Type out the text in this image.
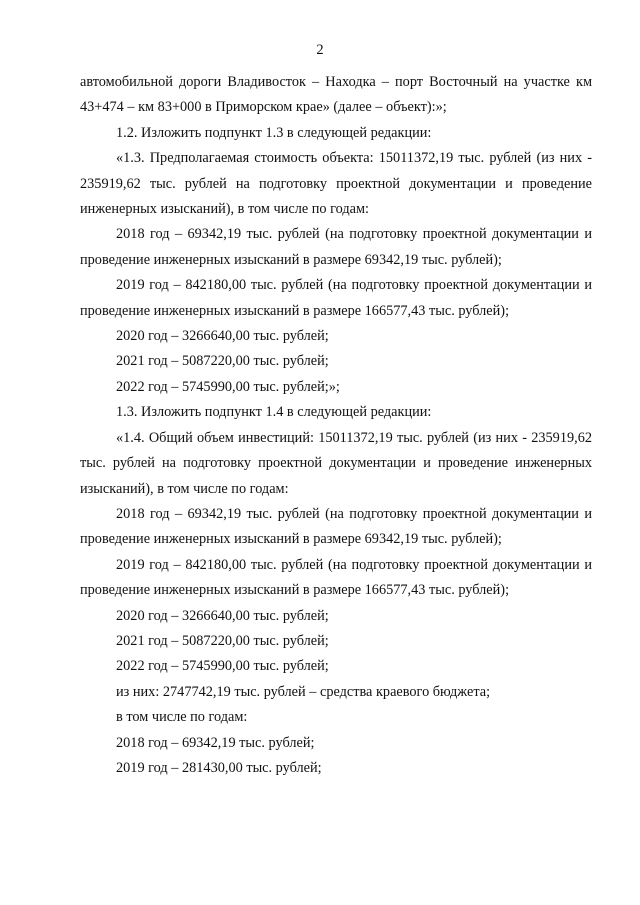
2

автомобильной дороги Владивосток – Находка – порт Восточный на участке км 43+474 – км 83+000 в Приморском крае» (далее – объект):»;

1.2. Изложить подпункт 1.3 в следующей редакции:

«1.3. Предполагаемая стоимость объекта: 15011372,19 тыс. рублей (из них - 235919,62 тыс. рублей на подготовку проектной документации и проведение инженерных изысканий), в том числе по годам:

2018 год – 69342,19 тыс. рублей (на подготовку проектной документации и проведение инженерных изысканий в размере 69342,19 тыс. рублей);

2019 год – 842180,00 тыс. рублей (на подготовку проектной документации и проведение инженерных изысканий в размере 166577,43 тыс. рублей);

2020 год – 3266640,00 тыс. рублей;

2021 год – 5087220,00 тыс. рублей;

2022 год – 5745990,00 тыс. рублей;»;

1.3. Изложить подпункт 1.4 в следующей редакции:

«1.4. Общий объем инвестиций: 15011372,19 тыс. рублей (из них - 235919,62 тыс. рублей на подготовку проектной документации и проведение инженерных изысканий), в том числе по годам:

2018 год – 69342,19 тыс. рублей (на подготовку проектной документации и проведение инженерных изысканий в размере 69342,19 тыс. рублей);

2019 год – 842180,00 тыс. рублей (на подготовку проектной документации и проведение инженерных изысканий в размере 166577,43 тыс. рублей);

2020 год – 3266640,00 тыс. рублей;

2021 год – 5087220,00 тыс. рублей;

2022 год – 5745990,00 тыс. рублей;

из них: 2747742,19 тыс. рублей – средства краевого бюджета;

в том числе по годам:

2018 год – 69342,19 тыс. рублей;

2019 год – 281430,00 тыс. рублей;
